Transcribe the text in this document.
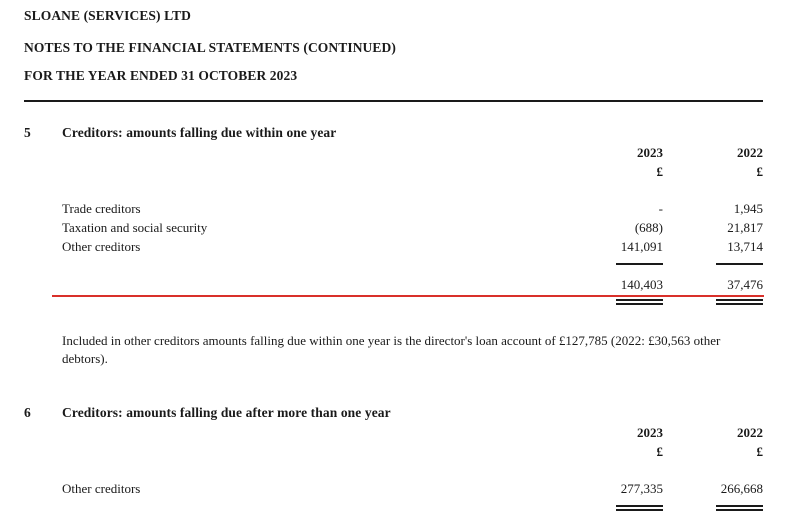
SLOANE (SERVICES) LTD
NOTES TO THE FINANCIAL STATEMENTS (CONTINUED)
FOR THE YEAR ENDED 31 OCTOBER 2023
5 Creditors: amounts falling due within one year
2023	2022
£	£
Trade creditors	-	1,945
Taxation and social security	(688)	21,817
Other creditors	141,091	13,714
140,403	37,476
Included in other creditors amounts falling due within one year is the director's loan account of £127,785 (2022: £30,563 other debtors).
6 Creditors: amounts falling due after more than one year
2023	2022
£	£
Other creditors	277,335	266,668
